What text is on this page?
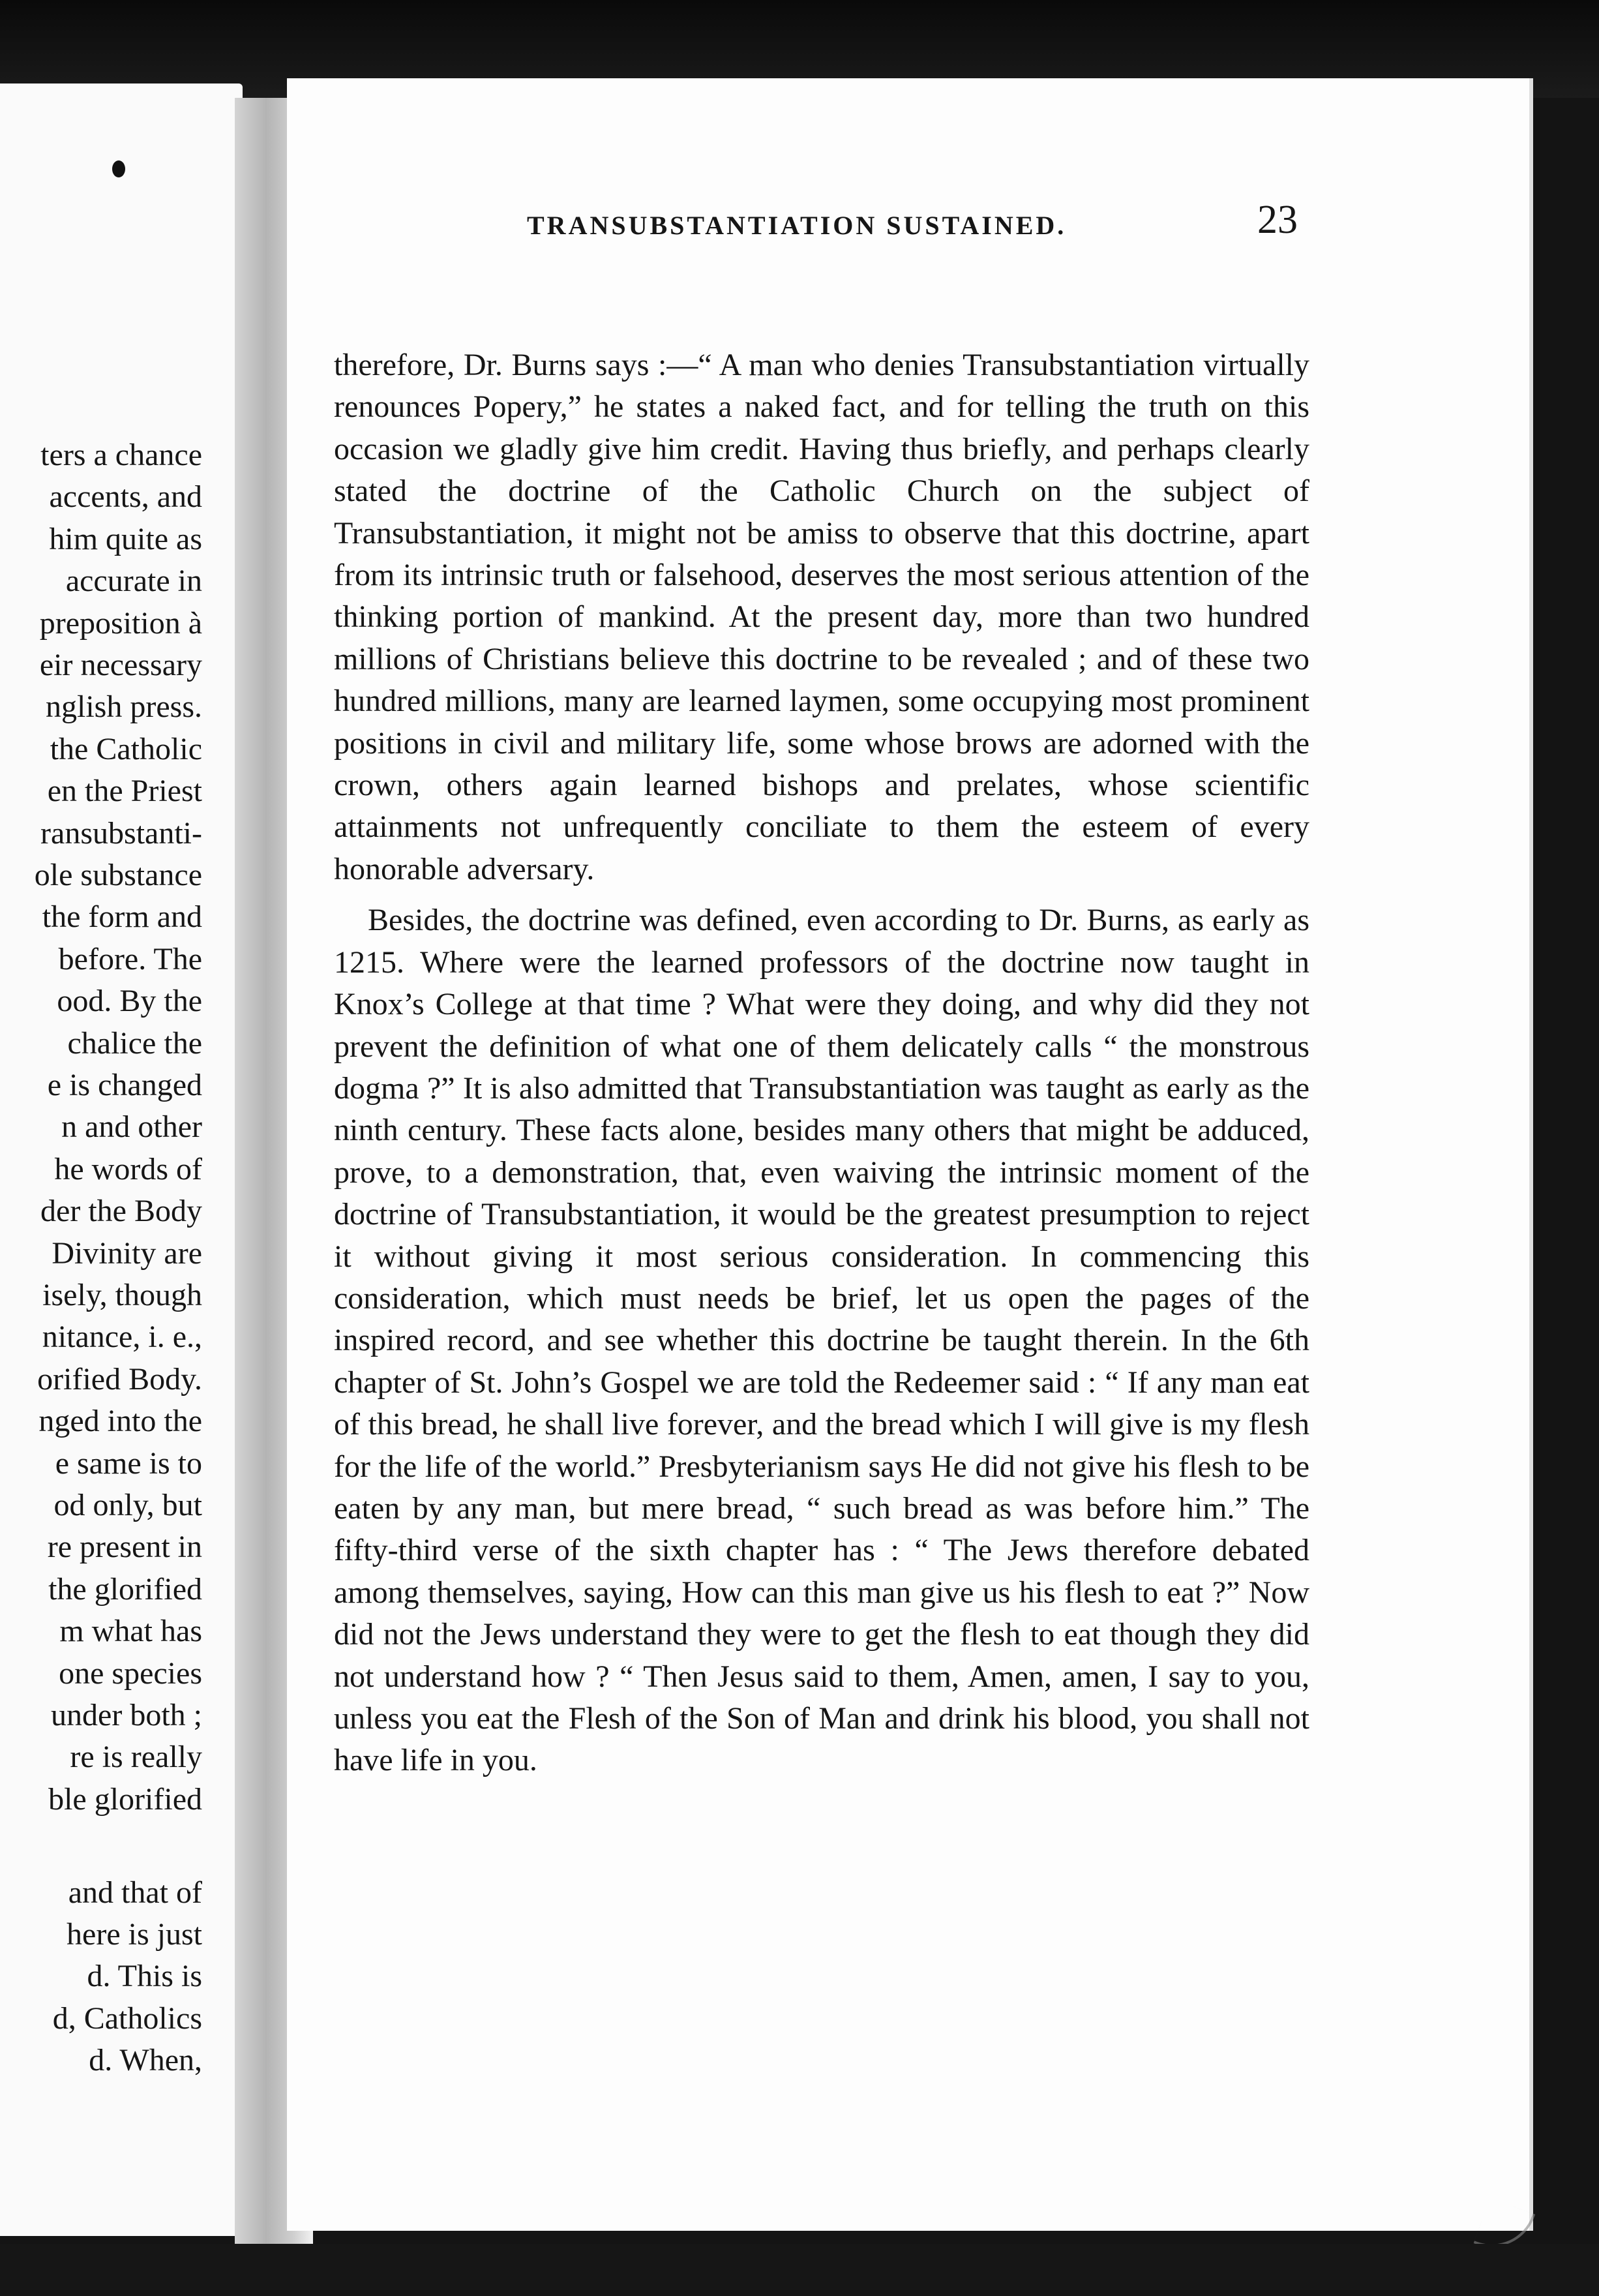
ters a chance
accents, and
him quite as
accurate in
preposition à
eir necessary
nglish press.
the Catholic
en the Priest
ransubstanti-
ole substance
the form and
before. The
ood. By the
chalice the
e is changed
n and other
he words of
der the Body
Divinity are
isely, though
nitance, i. e.,
orified Body.
nged into the
e same is to
od only, but
re present in
the glorified
m what has
one species
under both ;
re is really
ble glorified
and that of
here is just
d. This is
d, Catholics
d. When,
TRANSUBSTANTIATION SUSTAINED.	23

therefore, Dr. Burns says :—“ A man who denies Transubstantiation virtually renounces Popery,” he states a naked fact, and for telling the truth on this occasion we gladly give him credit. Having thus briefly, and perhaps clearly stated the doctrine of the Catholic Church on the subject of Transubstantiation, it might not be amiss to observe that this doctrine, apart from its intrinsic truth or falsehood, deserves the most serious attention of the thinking portion of mankind. At the present day, more than two hundred millions of Christians believe this doctrine to be revealed ; and of these two hundred millions, many are learned laymen, some occupying most prominent positions in civil and military life, some whose brows are adorned with the crown, others again learned bishops and prelates, whose scientific attainments not unfrequently conciliate to them the esteem of every honorable adversary.

Besides, the doctrine was defined, even according to Dr. Burns, as early as 1215. Where were the learned professors of the doctrine now taught in Knox’s College at that time ? What were they doing, and why did they not prevent the definition of what one of them delicately calls “ the monstrous dogma ?” It is also admitted that Transubstantiation was taught as early as the ninth century. These facts alone, besides many others that might be adduced, prove, to a demonstration, that, even waiving the intrinsic moment of the doctrine of Transubstantiation, it would be the greatest presumption to reject it without giving it most serious consideration. In commencing this consideration, which must needs be brief, let us open the pages of the inspired record, and see whether this doctrine be taught therein. In the 6th chapter of St. John’s Gospel we are told the Redeemer said : “ If any man eat of this bread, he shall live forever, and the bread which I will give is my flesh for the life of the world.” Presbyterianism says He did not give his flesh to be eaten by any man, but mere bread, “ such bread as was before him.” The fifty-third verse of the sixth chapter has : “ The Jews therefore debated among themselves, saying, How can this man give us his flesh to eat ?” Now did not the Jews understand they were to get the flesh to eat though they did not understand how ? “ Then Jesus said to them, Amen, amen, I say to you, unless you eat the Flesh of the Son of Man and drink his blood, you shall not have life in you.
